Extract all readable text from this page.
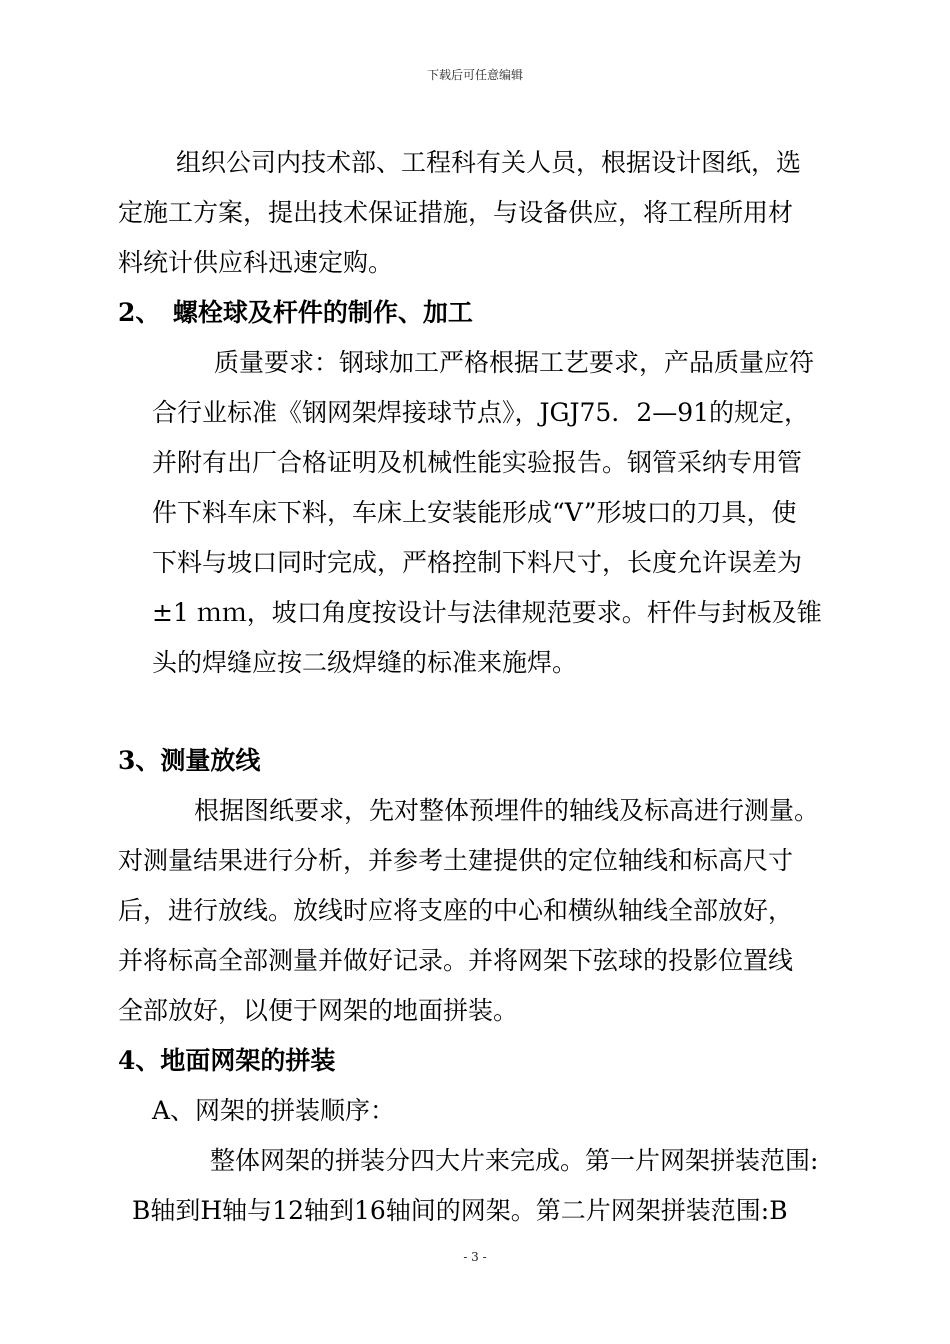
下载后可任意编辑
组织公司内技术部、工程科有关人员，根据设计图纸，选
定施工方案，提出技术保证措施，与设备供应，将工程所用材
料统计供应科迅速定购。
2、　螺栓球及杆件的制作、加工
质量要求：钢球加工严格根据工艺要求，产品质量应符
合行业标准《钢网架焊接球节点》，JGJ75．2—91的规定，
并附有出厂合格证明及机械性能实验报告。钢管采纳专用管
件下料车床下料，车床上安装能形成“V”形坡口的刀具，使
下料与坡口同时完成，严格控制下料尺寸，长度允许误差为
±1 ｍｍ，坡口角度按设计与法律规范要求。杆件与封板及锥
头的焊缝应按二级焊缝的标准来施焊。
3、测量放线
根据图纸要求，先对整体预埋件的轴线及标高进行测量。
对测量结果进行分析，并参考土建提供的定位轴线和标高尺寸
后，进行放线。放线时应将支座的中心和横纵轴线全部放好，
并将标高全部测量并做好记录。并将网架下弦球的投影位置线
全部放好，以便于网架的地面拼装。
4、地面网架的拼装
A、网架的拼装顺序：
整体网架的拼装分四大片来完成。第一片网架拼装范围:
B轴到H轴与12轴到16轴间的网架。第二片网架拼装范围:B
- 3 -
